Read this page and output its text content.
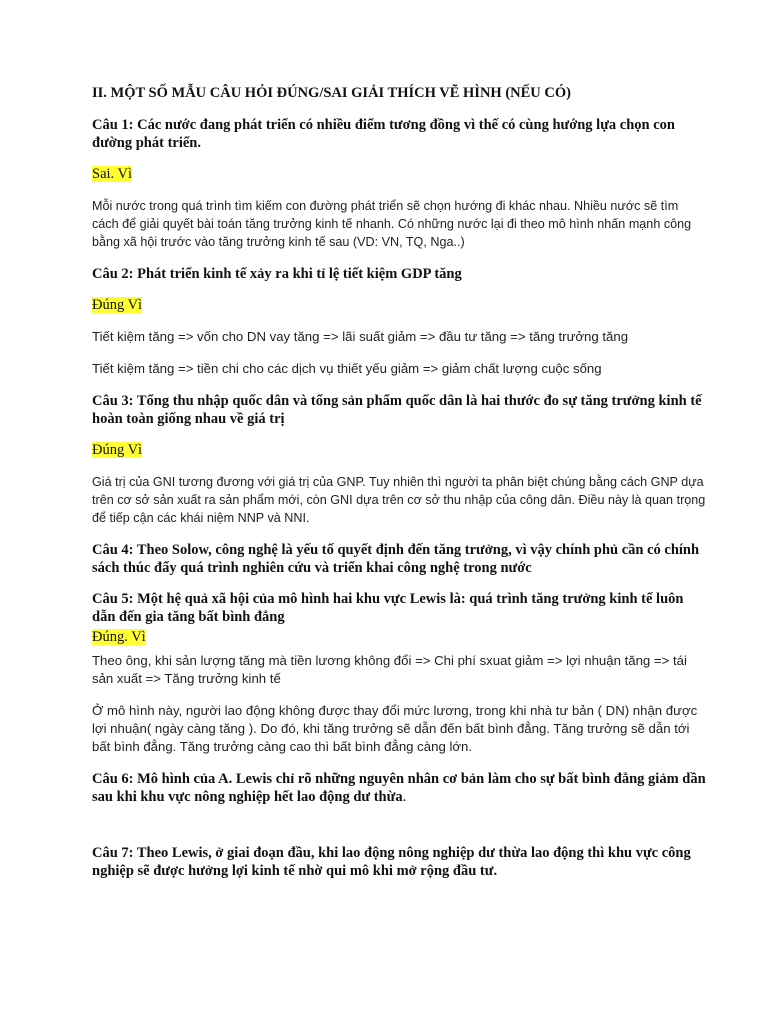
II. MỘT SỐ MẪU CÂU HỎI ĐÚNG/SAI GIẢI THÍCH VẼ HÌNH (NẾU CÓ)
Câu 1: Các nước đang phát triển có nhiều điểm tương đồng vì thế có cùng hướng lựa chọn con đường phát triển.
Sai. Vì
Mỗi nước trong quá trình tìm kiếm con đường phát triển sẽ chọn hướng đi khác nhau. Nhiều nước sẽ tìm cách để giải quyết bài toán tăng trưởng kinh tế nhanh. Có những nước lại đi theo mô hình nhấn mạnh công bằng xã hội trước vào tăng trưởng kinh tế sau (VD: VN, TQ, Nga..)
Câu 2: Phát triển kinh tế xảy ra khi tỉ lệ tiết kiệm GDP tăng
Đúng Vì
Tiết kiệm tăng => vốn cho DN vay tăng => lãi suất giảm => đầu tư tăng => tăng trưởng tăng
Tiết kiệm tăng => tiền chi cho các dịch vụ thiết yếu giảm => giảm chất lượng cuộc sống
Câu 3: Tổng thu nhập quốc dân và tổng sản phẩm quốc dân là hai thước đo sự tăng trưởng kinh tế hoàn toàn giống nhau về giá trị
Đúng Vì
Giá trị của GNI tương đương với giá trị của GNP. Tuy nhiên thì người ta phân biệt chúng bằng cách GNP dựa trên cơ sở sản xuất ra sản phẩm mới, còn GNI dựa trên cơ sở thu nhập của công dân. Điều này là quan trọng để tiếp cận các khái niệm NNP và NNI.
Câu 4: Theo Solow, công nghệ là yếu tố quyết định đến tăng trưởng, vì vậy chính phủ cần có chính sách thúc đẩy quá trình nghiên cứu và triển khai công nghệ trong nước
Câu 5: Một hệ quả xã hội của mô hình hai khu vực Lewis là: quá trình tăng trưởng kinh tế luôn dẫn đến gia tăng bất bình đẳng
Đúng. Vì
Theo ông, khi sản lượng tăng mà tiền lương không đổi => Chi phí sxuat giảm => lợi nhuận tăng => tái sản xuất => Tăng trưởng kinh tế
Ở mô hình này, người lao động không được thay đổi mức lương, trong khi nhà tư bản ( DN) nhận được lợi nhuận( ngày càng tăng ). Do đó, khi tăng trưởng sẽ dẫn đến bất bình đẳng. Tăng trưởng sẽ dẫn tới bất bình đẳng. Tăng trưởng càng cao thì bất bình đẳng càng lớn.
Câu 6: Mô hình của A. Lewis chỉ rõ những nguyên nhân cơ bản làm cho sự bất bình đẳng giảm dần sau khi khu vực nông nghiệp hết lao động dư thừa.
Câu 7: Theo Lewis, ở giai đoạn đầu, khi lao động nông nghiệp dư thừa lao động thì khu vực công nghiệp sẽ được hưởng lợi kinh tế nhờ qui mô khi mở rộng đầu tư.
